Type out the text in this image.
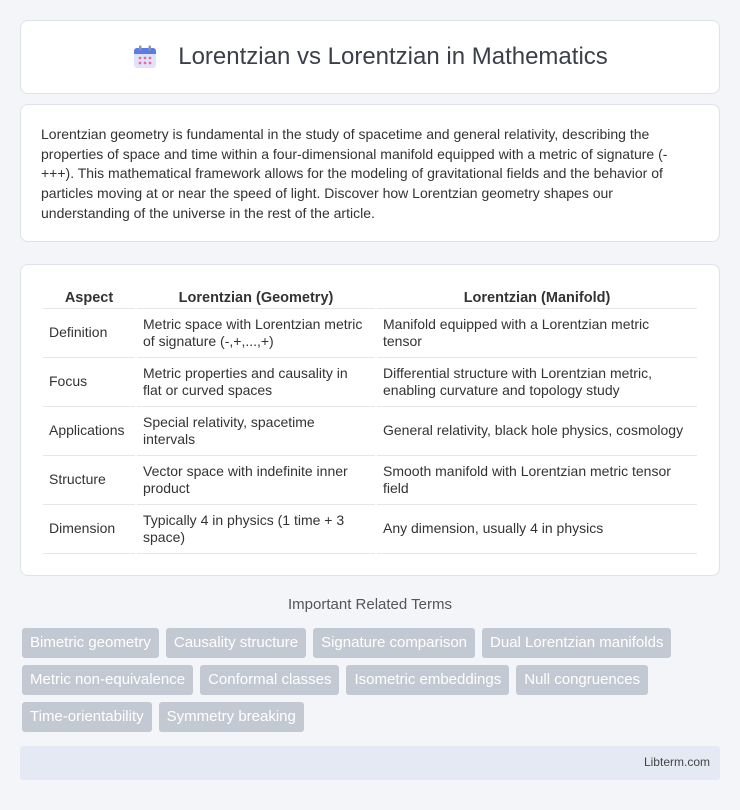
Lorentzian vs Lorentzian in Mathematics

Lorentzian geometry is fundamental in the study of spacetime and general relativity, describing the properties of space and time within a four-dimensional manifold equipped with a metric of signature (-+++). This mathematical framework allows for the modeling of gravitational fields and the behavior of particles moving at or near the speed of light. Discover how Lorentzian geometry shapes our understanding of the universe in the rest of the article.

Aspect	Lorentzian (Geometry)	Lorentzian (Manifold)
Definition	Metric space with Lorentzian metric of signature (-,+,...,+)	Manifold equipped with a Lorentzian metric tensor
Focus	Metric properties and causality in flat or curved spaces	Differential structure with Lorentzian metric, enabling curvature and topology study
Applications	Special relativity, spacetime intervals	General relativity, black hole physics, cosmology
Structure	Vector space with indefinite inner product	Smooth manifold with Lorentzian metric tensor field
Dimension	Typically 4 in physics (1 time + 3 space)	Any dimension, usually 4 in physics
Important Related Terms
Bimetric geometry	Causality structure	Signature comparison	Dual Lorentzian manifolds
Metric non-equivalence	Conformal classes	Isometric embeddings	Null congruences
Time-orientability	Symmetry breaking
Libterm.com
